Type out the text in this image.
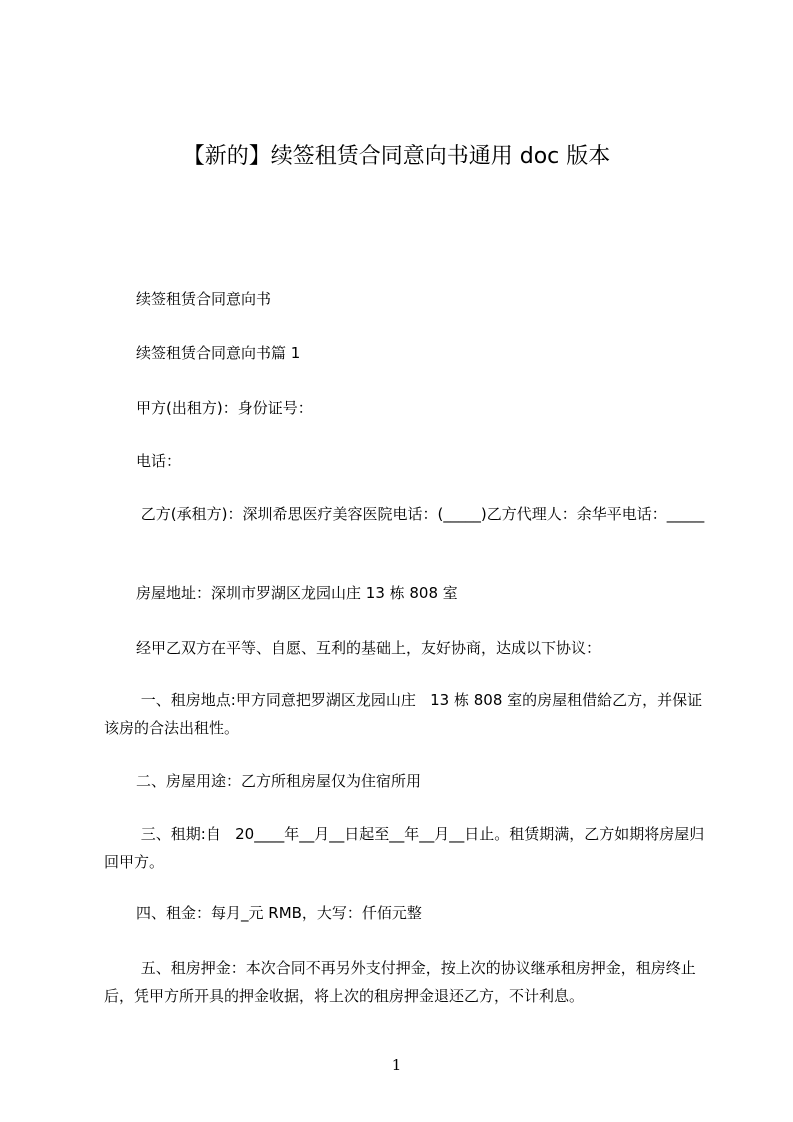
【新的】续签租赁合同意向书通用 doc 版本

续签租赁合同意向书

续签租赁合同意向书篇 1

甲方(出租方)：身份证号：

电话：

乙方(承租方)：深圳希思医疗美容医院电话：(_____)乙方代理人：余华平电话：_____

房屋地址：深圳市罗湖区龙园山庄 13 栋 808 室

经甲乙双方在平等、自愿、互利的基础上，友好协商，达成以下协议：

一、租房地点:甲方同意把罗湖区龙园山庄   13 栋 808 室的房屋租借給乙方，并保证该房的合法出租性。

二、房屋用途：乙方所租房屋仅为住宿所用

三、租期:自   20____年__月__日起至__年__月__日止。租赁期满，乙方如期将房屋归回甲方。

四、租金：每月_元 RMB，大写：仟佰元整

五、租房押金：本次合同不再另外支付押金，按上次的协议继承租房押金，租房终止后，凭甲方所开具的押金收据，将上次的租房押金退还乙方，不计利息。

1
